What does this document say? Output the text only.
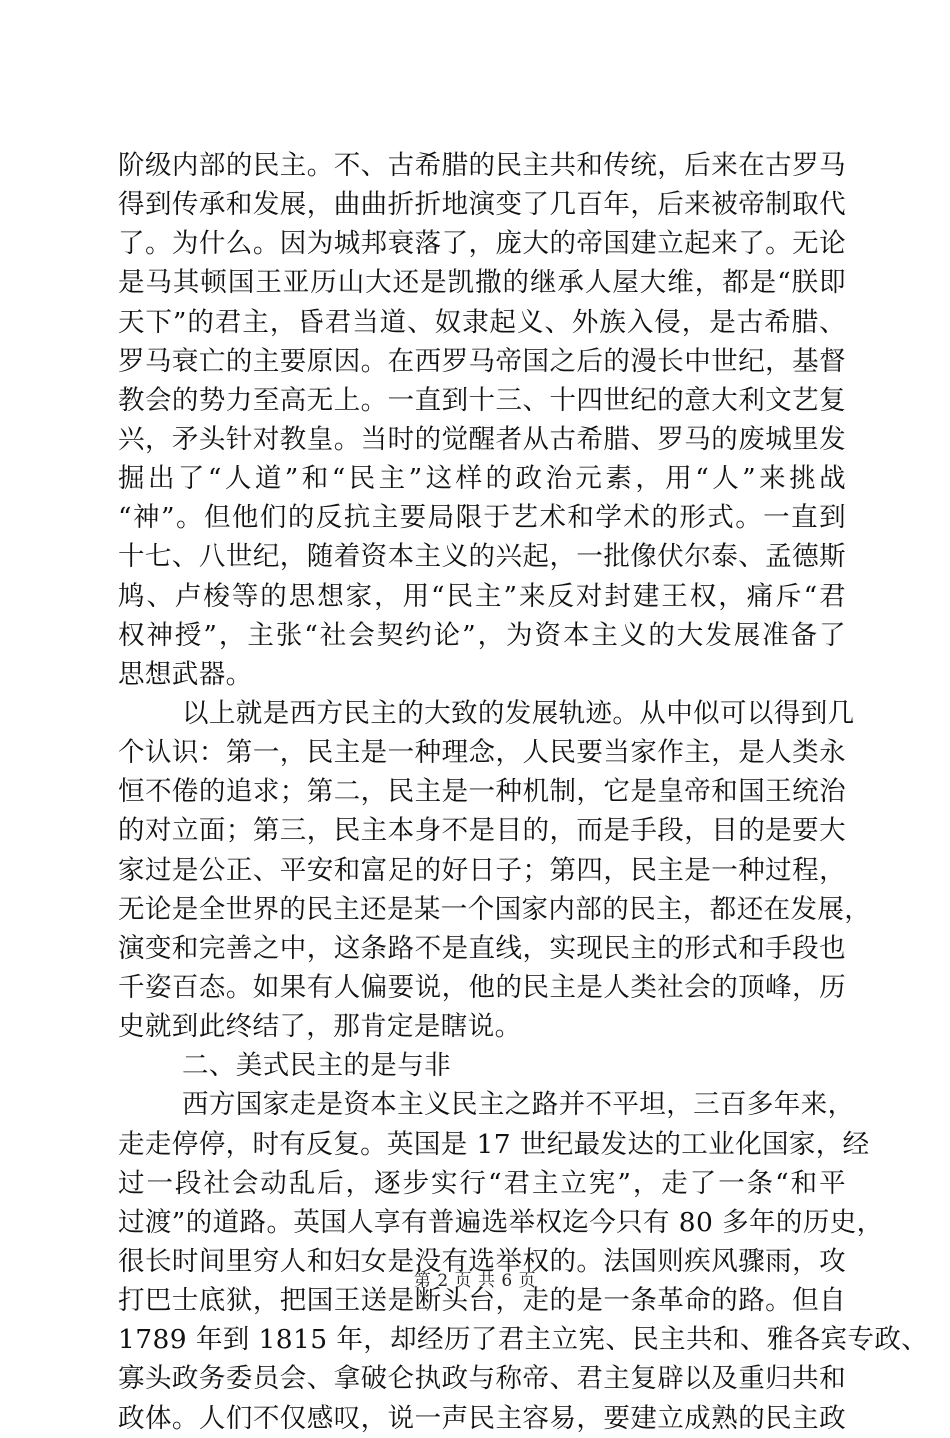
阶级内部的民主。不、古希腊的民主共和传统，后来在古罗马
得到传承和发展，曲曲折折地演变了几百年，后来被帝制取代
了。为什么。因为城邦衰落了，庞大的帝国建立起来了。无论
是马其顿国王亚历山大还是凯撒的继承人屋大维，都是“朕即
天下”的君主，昏君当道、奴隶起义、外族入侵，是古希腊、
罗马衰亡的主要原因。在西罗马帝国之后的漫长中世纪，基督
教会的势力至高无上。一直到十三、十四世纪的意大利文艺复
兴，矛头针对教皇。当时的觉醒者从古希腊、罗马的废城里发
掘出了“人道”和“民主”这样的政治元素，用“人”来挑战
“神”。但他们的反抗主要局限于艺术和学术的形式。一直到
十七、八世纪，随着资本主义的兴起，一批像伏尔泰、孟德斯
鸠、卢梭等的思想家，用“民主”来反对封建王权，痛斥“君
权神授”，主张“社会契约论”，为资本主义的大发展准备了
思想武器。
以上就是西方民主的大致的发展轨迹。从中似可以得到几
个认识：第一，民主是一种理念，人民要当家作主，是人类永
恒不倦的追求；第二，民主是一种机制，它是皇帝和国王统治
的对立面；第三，民主本身不是目的，而是手段，目的是要大
家过是公正、平安和富足的好日子；第四，民主是一种过程，
无论是全世界的民主还是某一个国家内部的民主，都还在发展，
演变和完善之中，这条路不是直线，实现民主的形式和手段也
千姿百态。如果有人偏要说，他的民主是人类社会的顶峰，历
史就到此终结了，那肯定是瞎说。
二、美式民主的是与非
西方国家走是资本主义民主之路并不平坦，三百多年来，
走走停停，时有反复。英国是 17 世纪最发达的工业化国家，经
过一段社会动乱后，逐步实行“君主立宪”，走了一条“和平
过渡”的道路。英国人享有普遍选举权迄今只有 80 多年的历史，
很长时间里穷人和妇女是没有选举权的。法国则疾风骤雨，攻
打巴士底狱，把国王送是断头台，走的是一条革命的路。但自
1789 年到 1815 年，却经历了君主立宪、民主共和、雅各宾专政、
寡头政务委员会、拿破仑执政与称帝、君主复辟以及重归共和
政体。人们不仅感叹，说一声民主容易，要建立成熟的民主政
第 2 页 共 6 页
